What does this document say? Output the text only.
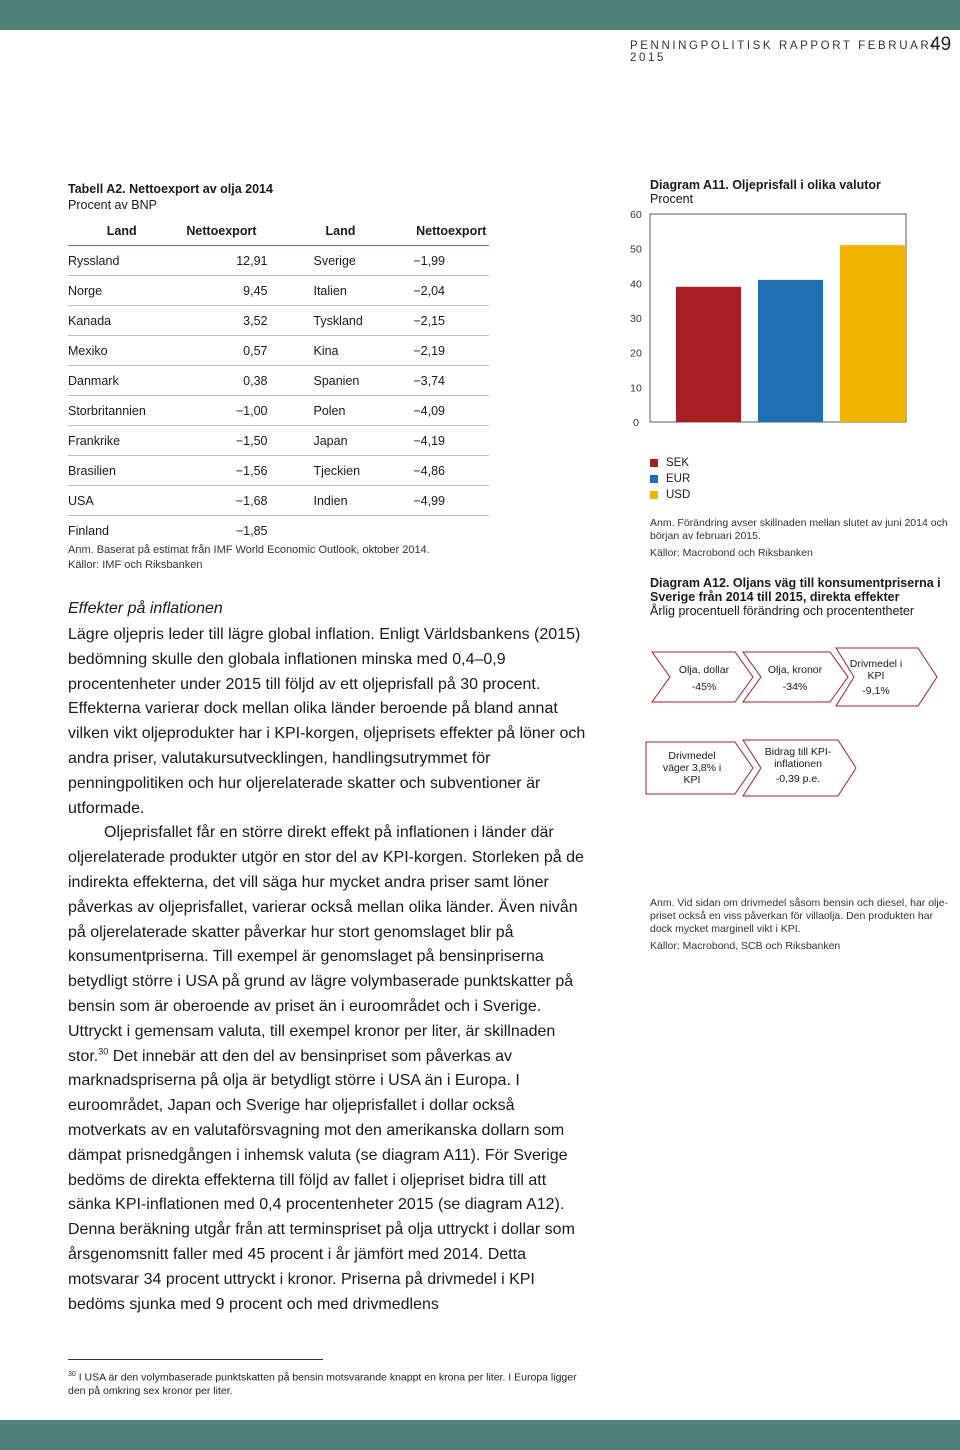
PENNINGPOLITISK RAPPORT FEBRUARI 2015
49
Tabell A2. Nettoexport av olja 2014
Procent av BNP
Land	Nettoexport	Land	Nettoexport
Ryssland	12,91	Sverige	−1,99
Norge	9,45	Italien	−2,04
Kanada	3,52	Tyskland	−2,15
Mexiko	0,57	Kina	−2,19
Danmark	0,38	Spanien	−3,74
Storbritannien	−1,00	Polen	−4,09
Frankrike	−1,50	Japan	−4,19
Brasilien	−1,56	Tjeckien	−4,86
USA	−1,68	Indien	−4,99
Finland	−1,85		
Anm. Baserat på estimat från IMF World Economic Outlook, oktober 2014.
Källor: IMF och Riksbanken
Effekter på inflationen

Lägre oljepris leder till lägre global inflation. Enligt Världsbankens (2015) bedömning skulle den globala inflationen minska med 0,4–0,9 procentenheter under 2015 till följd av ett oljeprisfall på 30 procent. Effekterna varierar dock mellan olika länder beroende på bland annat vilken vikt oljeprodukter har i KPI-korgen, oljeprisets effekter på löner och andra priser, valutakursutvecklingen, handlingsutrymmet för penningpolitiken och hur oljerelaterade skatter och subventioner är utformade.

Oljeprisfallet får en större direkt effekt på inflationen i länder där oljerelaterade produkter utgör en stor del av KPI-korgen. Storleken på de indirekta effekterna, det vill säga hur mycket andra priser samt löner påverkas av oljeprisfallet, varierar också mellan olika länder. Även nivån på oljerelaterade skatter påverkar hur stort genomslaget blir på konsumentpriserna. Till exempel är genomslaget på bensinpriserna betydligt större i USA på grund av lägre volymbaserade punktskatter på bensin som är oberoende av priset än i euroområdet och i Sverige. Uttryckt i gemensam valuta, till exempel kronor per liter, är skillnaden stor.$^{30}$ Det innebär att den del av bensinpriset som påverkas av marknadspriserna på olja är betydligt större i USA än i Europa. I euroområdet, Japan och Sverige har oljeprisfallet i dollar också motverkats av en valutaförsvagning mot den amerikanska dollarn som dämpat prisnedgången i inhemsk valuta (se diagram A11). För Sverige bedöms de direkta effekterna till följd av fallet i oljepriset bidra till att sänka KPI-inflationen med 0,4 procentenheter 2015 (se diagram A12). Denna beräkning utgår från att terminspriset på olja uttryckt i dollar som årsgenomsnitt faller med 45 procent i år jämfört med 2014. Detta motsvarar 34 procent uttryckt i kronor. Priserna på drivmedel i KPI bedöms sjunka med 9 procent och med drivmedlens

$^{30}$ I USA är den volymbaserade punktskatten på bensin motsvarande knappt en krona per liter. I Europa ligger den på omkring sex kronor per liter.
Diagram A11. Oljeprisfall i olika valutor
Procent
0
10
20
30
40
50
60
SEK
EUR
USD
Anm. Förändring avser skillnaden mellan slutet av juni 2014 och början av februari 2015.
Källor: Macrobond och Riksbanken
Diagram A12. Oljans väg till konsumentpriserna i Sverige från 2014 till 2015, direkta effekter
Årlig procentuell förändring och procententheter
Olja, dollar
-45%
Olja, kronor
-34%
Drivmedel i
KPI
-9,1%
Drivmedel
väger 3,8% i
KPI
Bidrag till KPI-
inflationen
-0,39 p.e.
Anm. Vid sidan om drivmedel såsom bensin och diesel, har oljepriset också en viss påverkan för villaolja. Den produkten har dock mycket marginell vikt i KPI.
Källor: Macrobond, SCB och Riksbanken
